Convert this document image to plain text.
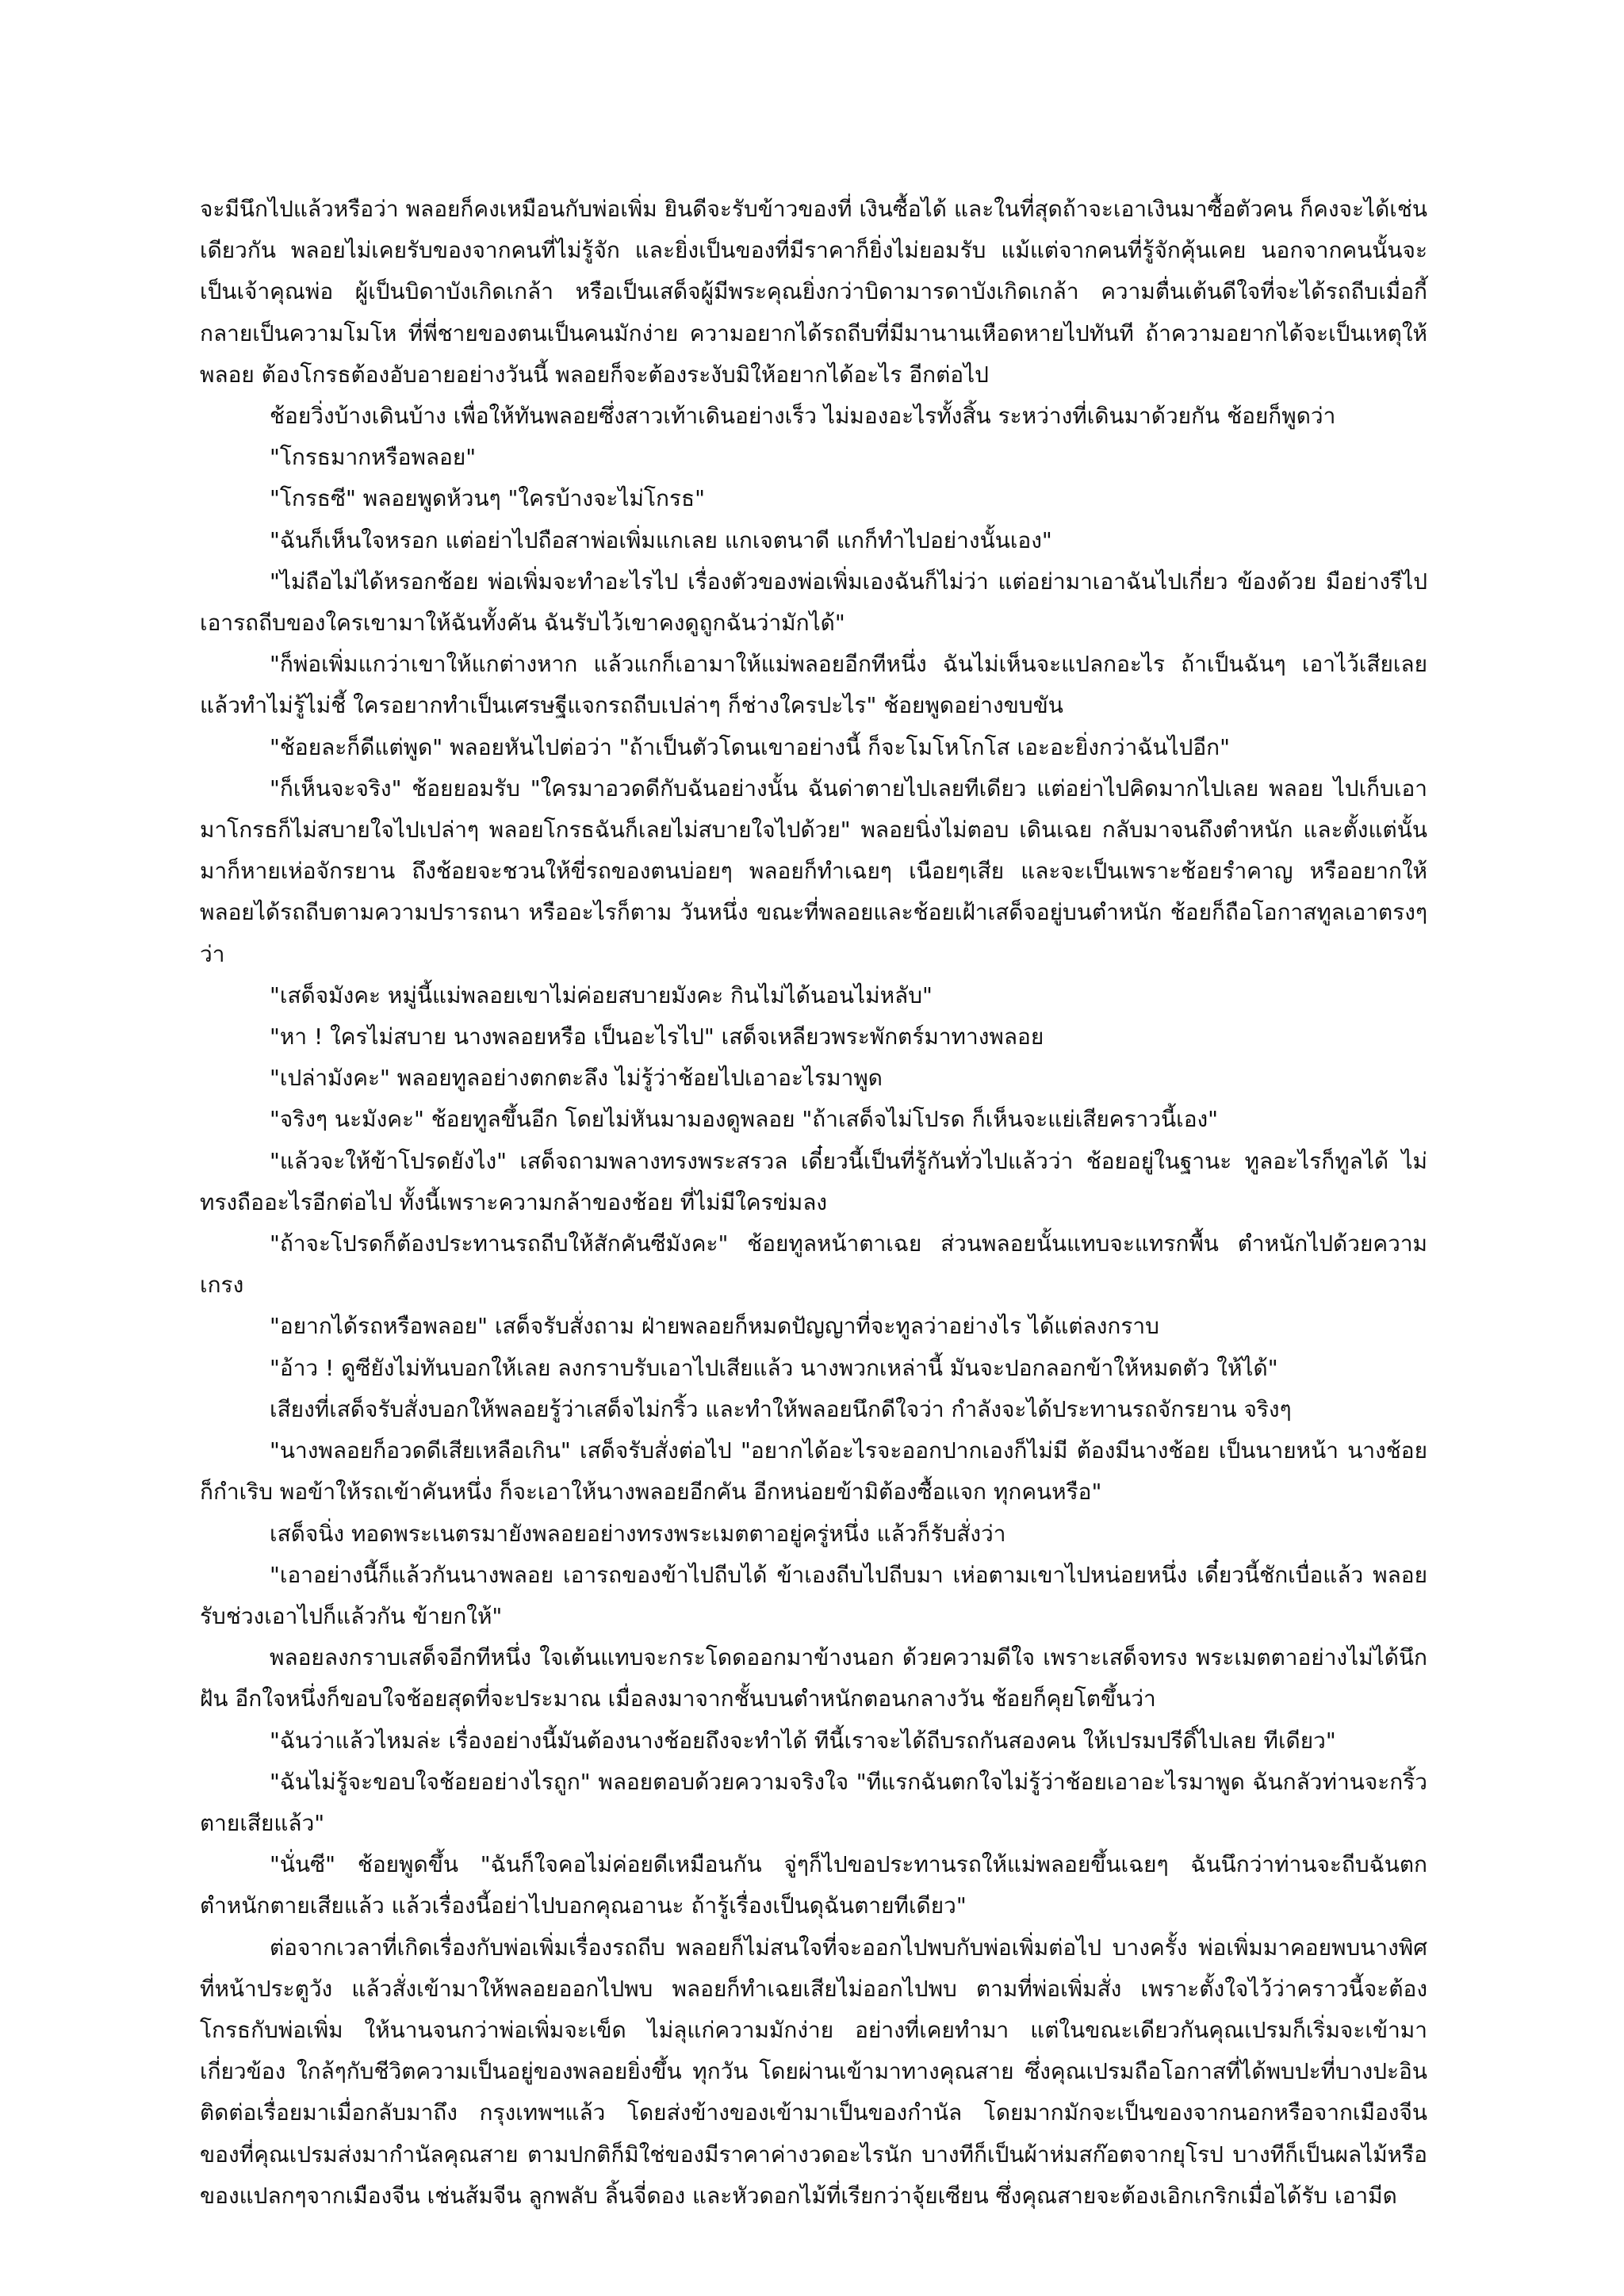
จะมีนึกไปแล้วหรือว่า พลอยก็คงเหมือนกับพ่อเพิ่ม ยินดีจะรับข้าวของที่ เงินซื้อได้ และในที่สุดถ้าจะเอาเงินมาซื้อตัวคน ก็คงจะได้เช่นเดียวกัน พลอยไม่เคยรับของจากคนที่ไม่รู้จัก และยิ่งเป็นของที่มีราคาก็ยิ่งไม่ยอมรับ แม้แต่จากคนที่รู้จักคุ้นเคย นอกจากคนนั้นจะเป็นเจ้าคุณพ่อ ผู้เป็นบิดาบังเกิดเกล้า หรือเป็นเสด็จผู้มีพระคุณยิ่งกว่าบิดามารดาบังเกิดเกล้า ความตื่นเต้นดีใจที่จะได้รถถีบเมื่อกี้กลายเป็นความโมโห ที่พี่ชายของตนเป็นคนมักง่าย ความอยากได้รถถีบที่มีมานานเหือดหายไปทันที ถ้าความอยากได้จะเป็นเหตุให้พลอย ต้องโกรธต้องอับอายอย่างวันนี้ พลอยก็จะต้องระงับมิให้อยากได้อะไร อีกต่อไป

ช้อยวิ่งบ้างเดินบ้าง เพื่อให้ทันพลอยซึ่งสาวเท้าเดินอย่างเร็ว ไม่มองอะไรทั้งสิ้น ระหว่างที่เดินมาด้วยกัน ช้อยก็พูดว่า

"โกรธมากหรือพลอย"

"โกรธซี" พลอยพูดห้วนๆ "ใครบ้างจะไม่โกรธ"

"ฉันก็เห็นใจหรอก แต่อย่าไปถือสาพ่อเพิ่มแกเลย แกเจตนาดี แกก็ทำไปอย่างนั้นเอง"

"ไม่ถือไม่ได้หรอกช้อย พ่อเพิ่มจะทำอะไรไป เรื่องตัวของพ่อเพิ่มเองฉันก็ไม่ว่า แต่อย่ามาเอาฉันไปเกี่ยว ข้องด้วย มือย่างรีไปเอารถถีบของใครเขามาให้ฉันทั้งคัน ฉันรับไว้เขาคงดูถูกฉันว่ามักได้"

"ก็พ่อเพิ่มแกว่าเขาให้แกต่างหาก แล้วแกก็เอามาให้แม่พลอยอีกทีหนึ่ง ฉันไม่เห็นจะแปลกอะไร ถ้าเป็นฉันๆ เอาไว้เสียเลยแล้วทำไม่รู้ไม่ชี้ ใครอยากทำเป็นเศรษฐีแจกรถถีบเปล่าๆ ก็ช่างใครปะไร" ช้อยพูดอย่างขบขัน

"ช้อยละก็ดีแต่พูด" พลอยหันไปต่อว่า "ถ้าเป็นตัวโดนเขาอย่างนี้ ก็จะโมโหโกโส เอะอะยิ่งกว่าฉันไปอีก"

"ก็เห็นจะจริง" ช้อยยอมรับ "ใครมาอวดดีกับฉันอย่างนั้น ฉันด่าตายไปเลยทีเดียว แต่อย่าไปคิดมากไปเลย พลอย ไปเก็บเอามาโกรธก็ไม่สบายใจไปเปล่าๆ พลอยโกรธฉันก็เลยไม่สบายใจไปด้วย" พลอยนิ่งไม่ตอบ เดินเฉย กลับมาจนถึงตำหนัก และตั้งแต่นั้นมาก็หายเห่อจักรยาน ถึงช้อยจะชวนให้ขี่รถของตนบ่อยๆ พลอยก็ทำเฉยๆ เนือยๆเสีย และจะเป็นเพราะช้อยรำคาญ หรืออยากให้พลอยได้รถถีบตามความปรารถนา หรืออะไรก็ตาม วันหนึ่ง ขณะที่พลอยและช้อยเฝ้าเสด็จอยู่บนตำหนัก ช้อยก็ถือโอกาสทูลเอาตรงๆ ว่า

"เสด็จมังคะ หมู่นี้แม่พลอยเขาไม่ค่อยสบายมังคะ กินไม่ได้นอนไม่หลับ"

"หา ! ใครไม่สบาย นางพลอยหรือ เป็นอะไรไป" เสด็จเหลียวพระพักตร์มาทางพลอย

"เปล่ามังคะ" พลอยทูลอย่างตกตะลึง ไม่รู้ว่าช้อยไปเอาอะไรมาพูด

"จริงๆ นะมังคะ" ช้อยทูลขึ้นอีก โดยไม่หันมามองดูพลอย "ถ้าเสด็จไม่โปรด ก็เห็นจะแย่เสียคราวนี้เอง"

"แล้วจะให้ข้าโปรดยังไง" เสด็จถามพลางทรงพระสรวล เดี๋ยวนี้เป็นที่รู้กันทั่วไปแล้วว่า ช้อยอยู่ในฐานะ ทูลอะไรก็ทูลได้ ไม่ทรงถืออะไรอีกต่อไป ทั้งนี้เพราะความกล้าของช้อย ที่ไม่มีใครข่มลง

"ถ้าจะโปรดก็ต้องประทานรถถีบให้สักคันซีมังคะ" ช้อยทูลหน้าตาเฉย ส่วนพลอยนั้นแทบจะแทรกพื้น ตำหนักไปด้วยความเกรง

"อยากได้รถหรือพลอย" เสด็จรับสั่งถาม ฝ่ายพลอยก็หมดปัญญาที่จะทูลว่าอย่างไร ได้แต่ลงกราบ

"อ้าว ! ดูซียังไม่ทันบอกให้เลย ลงกราบรับเอาไปเสียแล้ว นางพวกเหล่านี้ มันจะปอกลอกข้าให้หมดตัว ให้ได้"

เสียงที่เสด็จรับสั่งบอกให้พลอยรู้ว่าเสด็จไม่กริ้ว และทำให้พลอยนึกดีใจว่า กำลังจะได้ประทานรถจักรยาน จริงๆ

"นางพลอยก็อวดดีเสียเหลือเกิน" เสด็จรับสั่งต่อไป "อยากได้อะไรจะออกปากเองก็ไม่มี ต้องมีนางช้อย เป็นนายหน้า นางช้อยก็กำเริบ พอข้าให้รถเข้าคันหนึ่ง ก็จะเอาให้นางพลอยอีกคัน อีกหน่อยข้ามิต้องซื้อแจก ทุกคนหรือ"

เสด็จนิ่ง ทอดพระเนตรมายังพลอยอย่างทรงพระเมตตาอยู่ครู่หนึ่ง แล้วก็รับสั่งว่า

"เอาอย่างนี้ก็แล้วกันนางพลอย เอารถของข้าไปถีบได้ ข้าเองถีบไปถีบมา เห่อตามเขาไปหน่อยหนึ่ง เดี๋ยวนี้ชักเบื่อแล้ว พลอยรับช่วงเอาไปก็แล้วกัน ข้ายกให้"

พลอยลงกราบเสด็จอีกทีหนึ่ง ใจเต้นแทบจะกระโดดออกมาข้างนอก ด้วยความดีใจ เพราะเสด็จทรง พระเมตตาอย่างไม่ได้นึกฝัน อีกใจหนึ่งก็ขอบใจช้อยสุดที่จะประมาณ เมื่อลงมาจากชั้นบนตำหนักตอนกลางวัน ช้อยก็คุยโตขึ้นว่า

"ฉันว่าแล้วไหมล่ะ เรื่องอย่างนี้มันต้องนางช้อยถึงจะทำได้ ทีนี้เราจะได้ถีบรถกันสองคน ให้เปรมปรีดิ์ไปเลย ทีเดียว"

"ฉันไม่รู้จะขอบใจช้อยอย่างไรถูก" พลอยตอบด้วยความจริงใจ "ทีแรกฉันตกใจไม่รู้ว่าช้อยเอาอะไรมาพูด ฉันกลัวท่านจะกริ้วตายเสียแล้ว"

"นั่นซี" ช้อยพูดขึ้น "ฉันก็ใจคอไม่ค่อยดีเหมือนกัน จู่ๆก็ไปขอประทานรถให้แม่พลอยขึ้นเฉยๆ ฉันนึกว่าท่านจะถีบฉันตกตำหนักตายเสียแล้ว แล้วเรื่องนี้อย่าไปบอกคุณอานะ ถ้ารู้เรื่องเป็นดุฉันตายทีเดียว"

ต่อจากเวลาที่เกิดเรื่องกับพ่อเพิ่มเรื่องรถถีบ พลอยก็ไม่สนใจที่จะออกไปพบกับพ่อเพิ่มต่อไป บางครั้ง พ่อเพิ่มมาคอยพบนางพิศที่หน้าประตูวัง แล้วสั่งเข้ามาให้พลอยออกไปพบ พลอยก็ทำเฉยเสียไม่ออกไปพบ ตามที่พ่อเพิ่มสั่ง เพราะตั้งใจไว้ว่าคราวนี้จะต้องโกรธกับพ่อเพิ่ม ให้นานจนกว่าพ่อเพิ่มจะเข็ด ไม่ลุแก่ความมักง่าย อย่างที่เคยทำมา แต่ในขณะเดียวกันคุณเปรมก็เริ่มจะเข้ามาเกี่ยวข้อง ใกล้ๆกับชีวิตความเป็นอยู่ของพลอยยิ่งขึ้น ทุกวัน โดยผ่านเข้ามาทางคุณสาย ซึ่งคุณเปรมถือโอกาสที่ได้พบปะที่บางปะอินติดต่อเรื่อยมาเมื่อกลับมาถึง กรุงเทพฯแล้ว โดยส่งข้างของเข้ามาเป็นของกำนัล โดยมากมักจะเป็นของจากนอกหรือจากเมืองจีน ของที่คุณเปรมส่งมากำนัลคุณสาย ตามปกติก็มิใช่ของมีราคาค่างวดอะไรนัก บางทีก็เป็นผ้าห่มสก๊อตจากยุโรป บางทีก็เป็นผลไม้หรือของแปลกๆจากเมืองจีน เช่นส้มจีน ลูกพลับ ลิ้นจี่ดอง และหัวดอกไม้ที่เรียกว่าจุ้ยเซียน ซึ่งคุณสายจะต้องเอิกเกริกเมื่อได้รับ เอามีด
